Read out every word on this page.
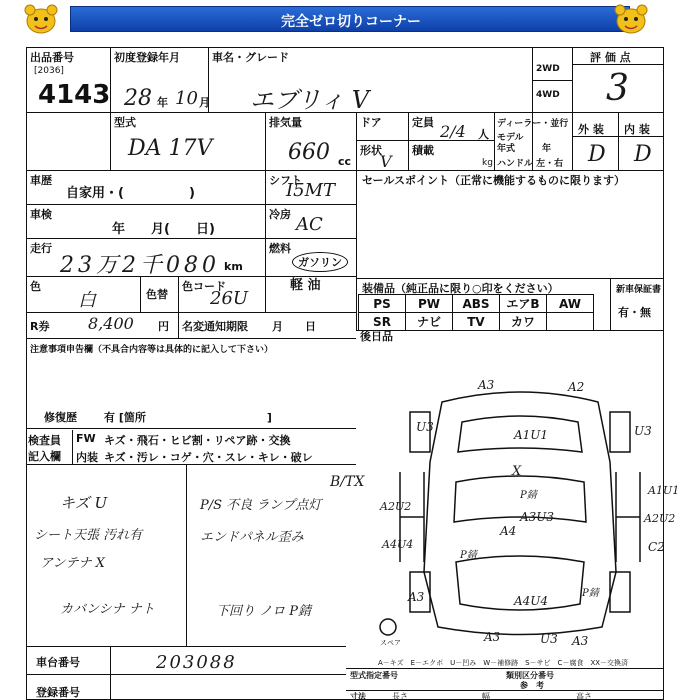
完全ゼロ切りコーナー
出品番号
[2036]
4143
初度登録年月
28 年 10 月
車名・グレード
エブリィ V
2WD
4WD
評 価 点
3
型式
DA 17V
排気量
660 cc
ドア
形状
V
定員 2/4 人
積載
kg
ディーラー・並行
モデル
年式　　　年
ハンドル 左・右
外 装 内 装
D D
車歴
自家用・(　　　　　)
車検
年　　月(　　日)
走行
23万2千080 km
色
白	色替
色コード
26U
シフト
I5MT
冷房 AC
燃料
ガソリン
軽 油
R券 8,400 円 名変通知期限 月　　日
注意事項申告欄（不具合内容等は具体的に記入して下さい）
修復歴 有 [箇所　　　　　　　　　　　]
セールスポイント（正常に機能するものに限ります）
装備品（純正品に限り○印をください）	新車保証書
有・無
PS	PW	ABS	エアB	AW
SR	ナビ	TV	カワ	
後日品
検査員
記入欄
FW キズ・飛石・ヒビ割・リペア跡・交換
内装 キズ・汚レ・コゲ・穴・スレ・キレ・破レ
キズ U
シート天張 汚れ有
アンテナ X
カバンシナ ナト
B/TX
P/S 不良 ランプ点灯
エンドパネル歪み
下回り ノロ P錆
A3	A2
U3
A1U1	U3
X
P錆	A1U1
A2U2
A3U3
A4
A2U2
A4U4
P錆
C2
A4U4
P錆
A3
A3	U3 A3
スペア
車台番号	203088
登録番号
A－キズ　E－エクボ　U－凹み　W－補修跡　S－サビ　C－腐食　XX－交換済
型式指定番号	類別区分番号
参　考
寸法	長さ	幅	高さ
